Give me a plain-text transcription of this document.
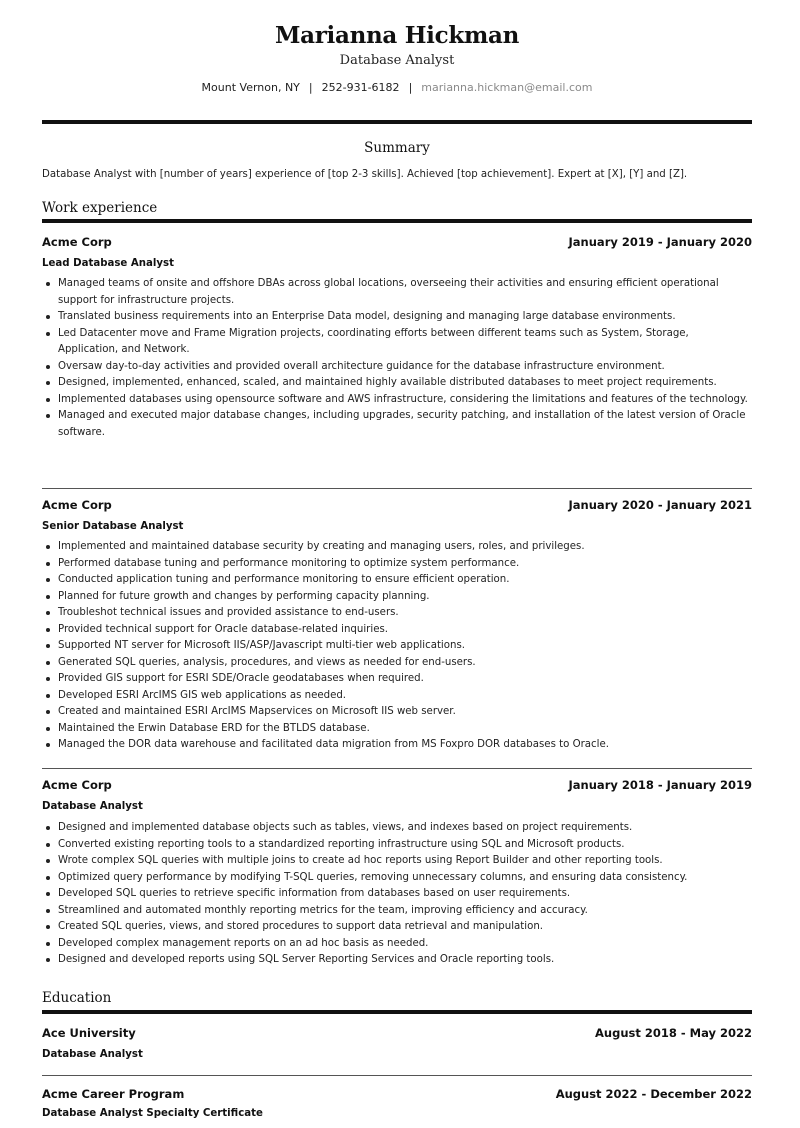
Marianna Hickman
Database Analyst
Mount Vernon, NY | 252-931-6182 | marianna.hickman@email.com
Summary
Database Analyst with [number of years] experience of [top 2-3 skills]. Achieved [top achievement]. Expert at [X], [Y] and [Z].
Work experience
Acme Corp	January 2019 - January 2020
Lead Database Analyst
Managed teams of onsite and offshore DBAs across global locations, overseeing their activities and ensuring efficient operational support for infrastructure projects.
Translated business requirements into an Enterprise Data model, designing and managing large database environments.
Led Datacenter move and Frame Migration projects, coordinating efforts between different teams such as System, Storage, Application, and Network.
Oversaw day-to-day activities and provided overall architecture guidance for the database infrastructure environment.
Designed, implemented, enhanced, scaled, and maintained highly available distributed databases to meet project requirements.
Implemented databases using opensource software and AWS infrastructure, considering the limitations and features of the technology.
Managed and executed major database changes, including upgrades, security patching, and installation of the latest version of Oracle software.
Acme Corp	January 2020 - January 2021
Senior Database Analyst
Implemented and maintained database security by creating and managing users, roles, and privileges.
Performed database tuning and performance monitoring to optimize system performance.
Conducted application tuning and performance monitoring to ensure efficient operation.
Planned for future growth and changes by performing capacity planning.
Troubleshot technical issues and provided assistance to end-users.
Provided technical support for Oracle database-related inquiries.
Supported NT server for Microsoft IIS/ASP/Javascript multi-tier web applications.
Generated SQL queries, analysis, procedures, and views as needed for end-users.
Provided GIS support for ESRI SDE/Oracle geodatabases when required.
Developed ESRI ArcIMS GIS web applications as needed.
Created and maintained ESRI ArcIMS Mapservices on Microsoft IIS web server.
Maintained the Erwin Database ERD for the BTLDS database.
Managed the DOR data warehouse and facilitated data migration from MS Foxpro DOR databases to Oracle.
Acme Corp	January 2018 - January 2019
Database Analyst
Designed and implemented database objects such as tables, views, and indexes based on project requirements.
Converted existing reporting tools to a standardized reporting infrastructure using SQL and Microsoft products.
Wrote complex SQL queries with multiple joins to create ad hoc reports using Report Builder and other reporting tools.
Optimized query performance by modifying T-SQL queries, removing unnecessary columns, and ensuring data consistency.
Developed SQL queries to retrieve specific information from databases based on user requirements.
Streamlined and automated monthly reporting metrics for the team, improving efficiency and accuracy.
Created SQL queries, views, and stored procedures to support data retrieval and manipulation.
Developed complex management reports on an ad hoc basis as needed.
Designed and developed reports using SQL Server Reporting Services and Oracle reporting tools.
Education
Ace University	August 2018 - May 2022
Database Analyst
Acme Career Program	August 2022 - December 2022
Database Analyst Specialty Certificate
